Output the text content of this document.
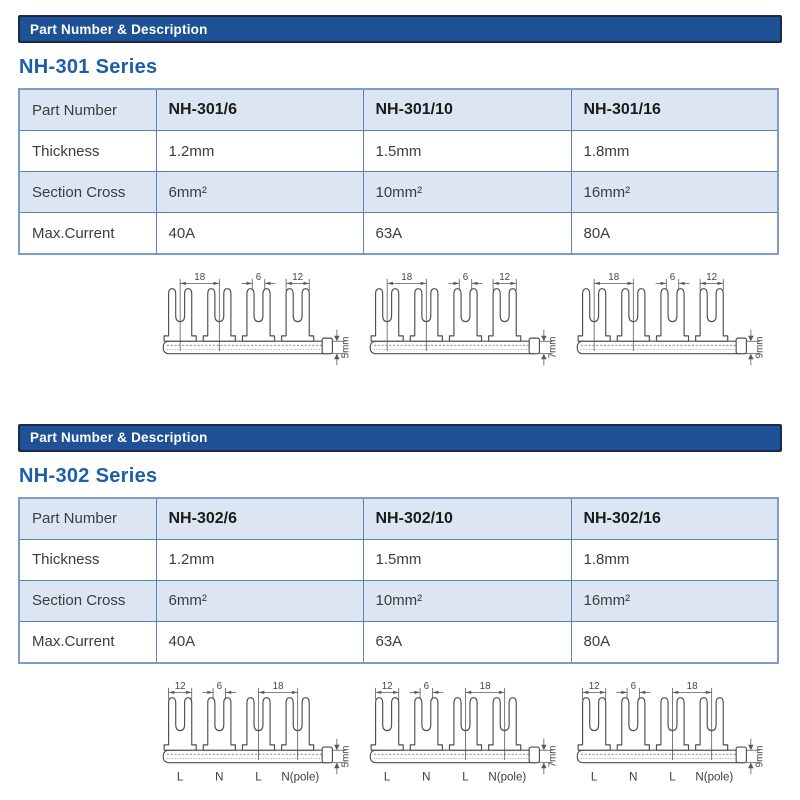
Part Number & Description
NH-301 Series
Part Number	NH-301/6	NH-301/10	NH-301/16
Thickness	1.2mm	1.5mm	1.8mm
Section Cross	6mm²	10mm²	16mm²
Max.Current	40A	63A	80A
18	6	12
5mm
18	6	12
7mm
18	6	12
9mm
Part Number & Description
NH-302 Series
Part Number	NH-302/6	NH-302/10	NH-302/16
Thickness	1.2mm	1.5mm	1.8mm
Section Cross	6mm²	10mm²	16mm²
Max.Current	40A	63A	80A
12	6	18
5mm
L N L N(pole)
12	6	18
7mm
L N L N(pole)
12	6	18
9mm
L N L N(pole)
